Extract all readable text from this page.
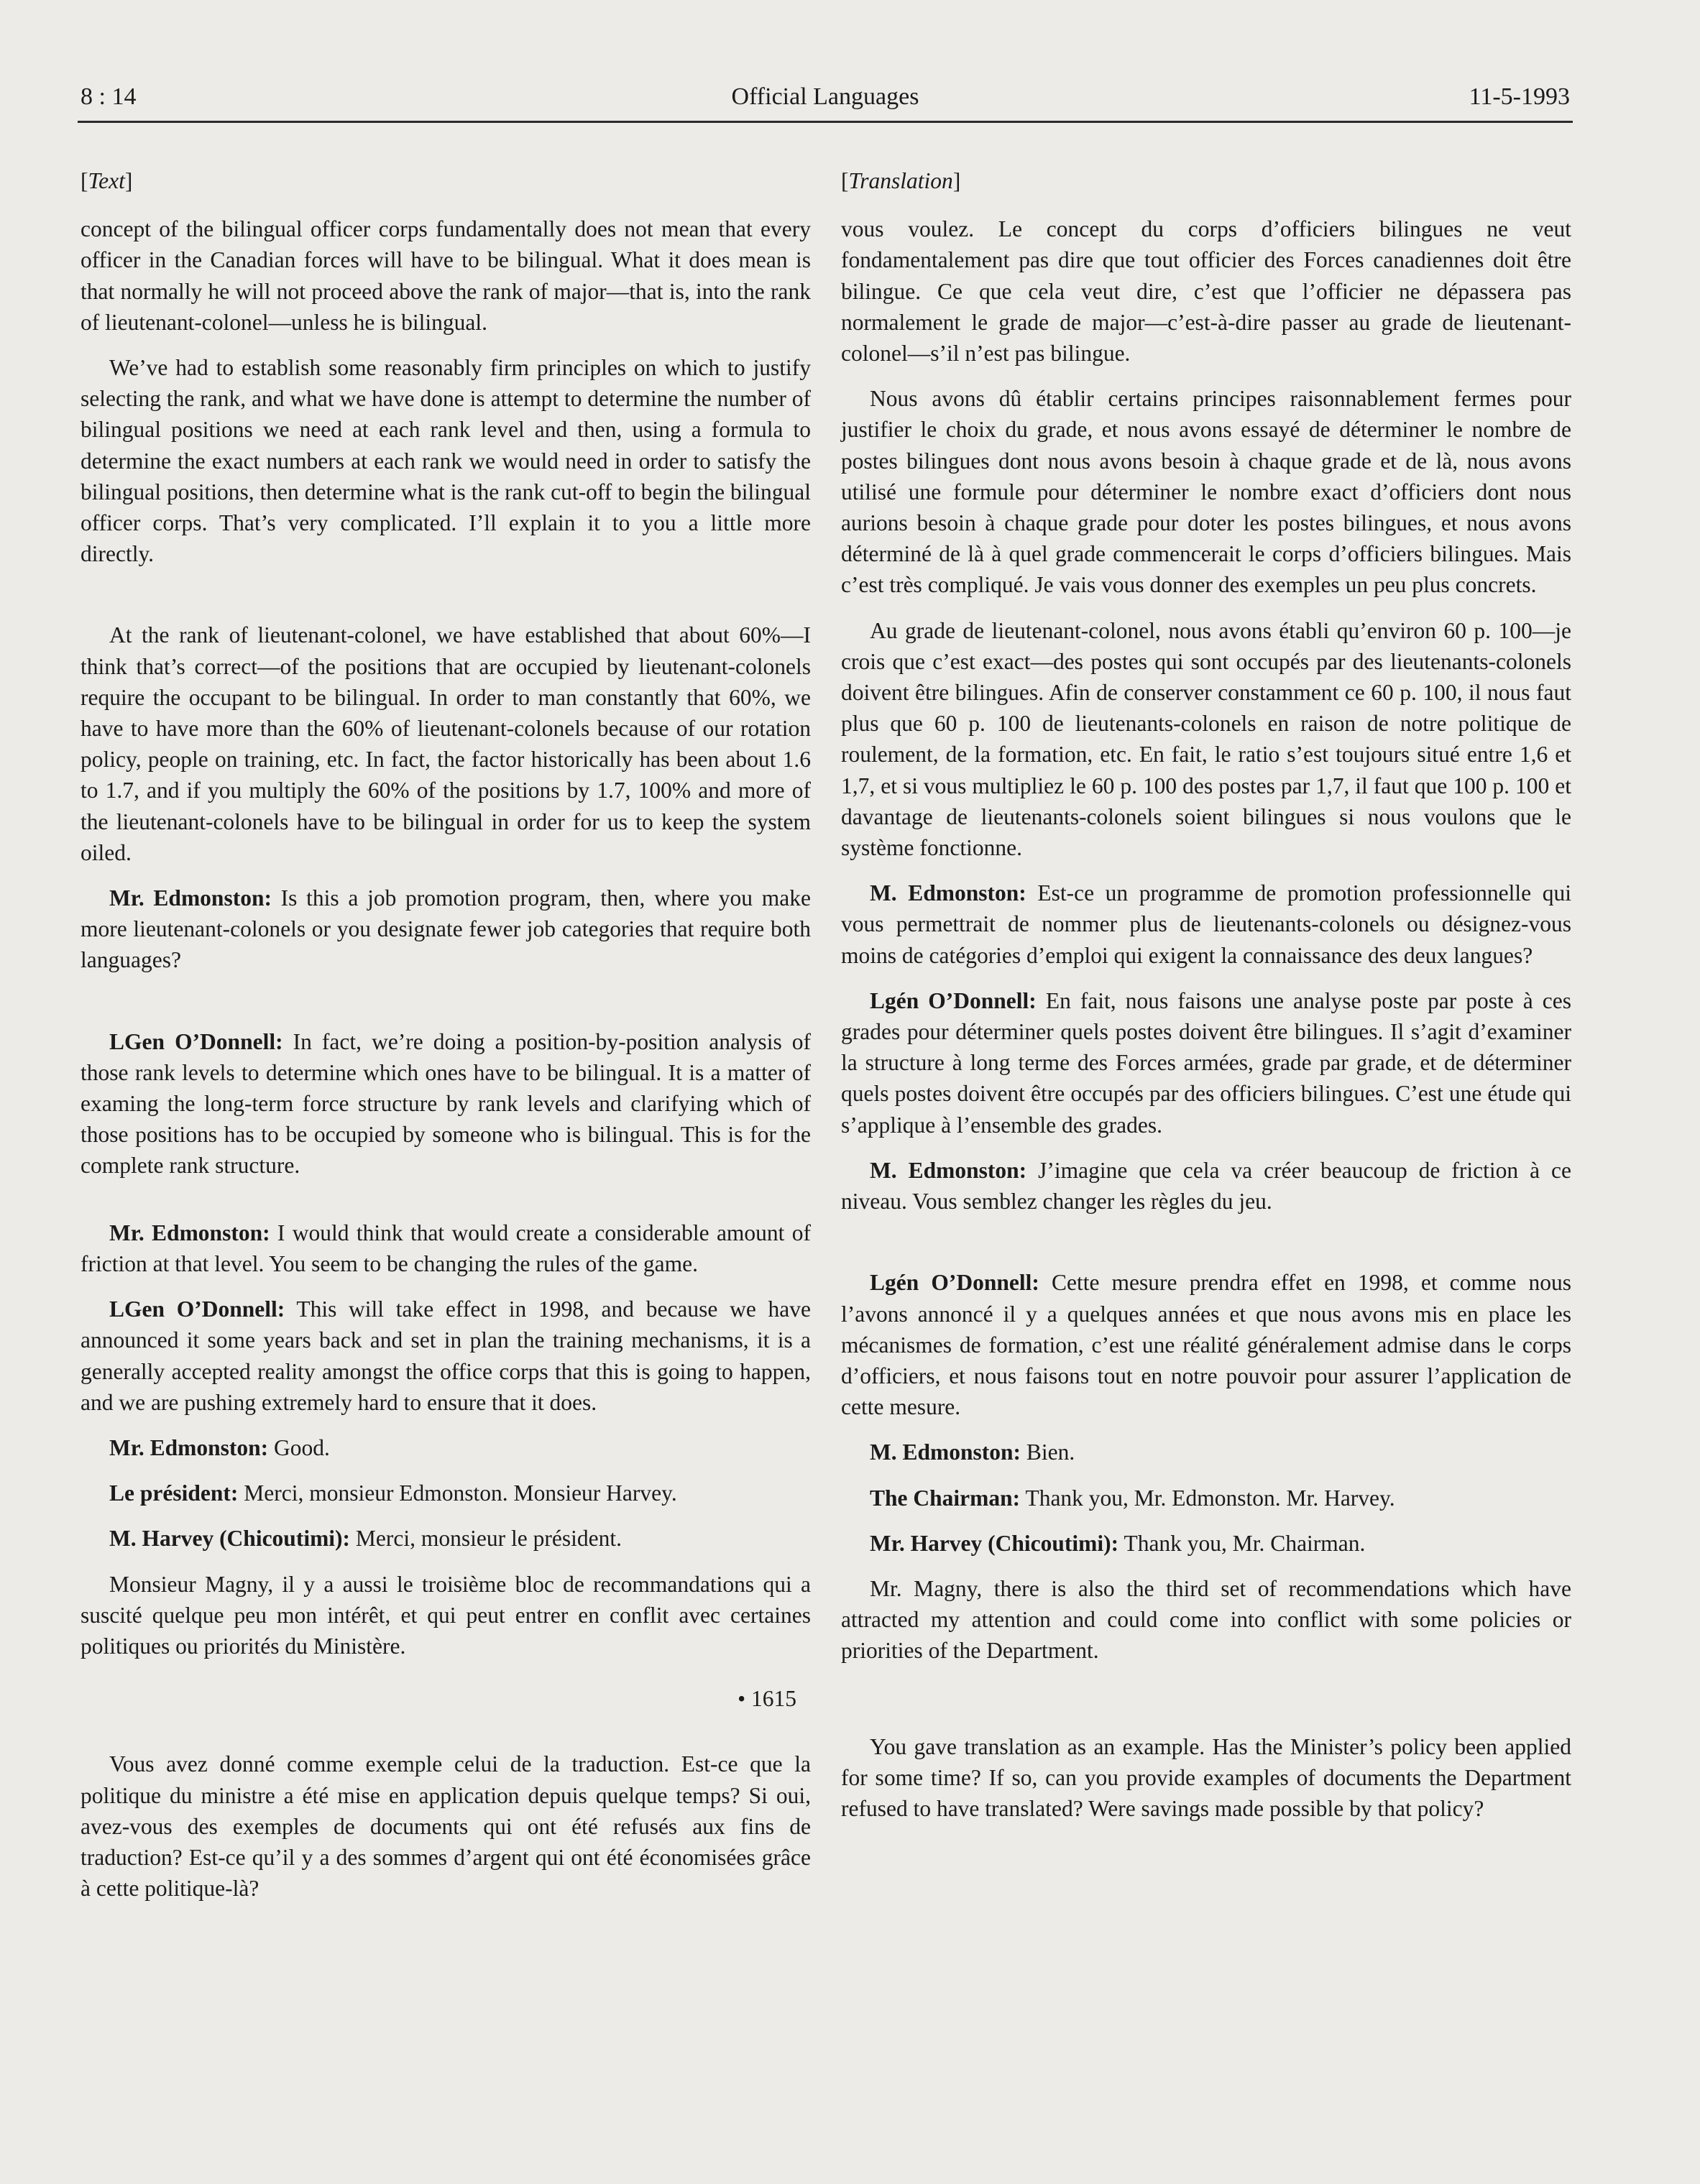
8 : 14	Official Languages	11-5-1993
[Text]

concept of the bilingual officer corps fundamentally does not mean that every officer in the Canadian forces will have to be bilingual. What it does mean is that normally he will not proceed above the rank of major—that is, into the rank of lieutenant-colonel—unless he is bilingual.

We’ve had to establish some reasonably firm principles on which to justify selecting the rank, and what we have done is attempt to determine the number of bilingual positions we need at each rank level and then, using a formula to determine the exact numbers at each rank we would need in order to satisfy the bilingual positions, then determine what is the rank cut-off to begin the bilingual officer corps. That’s very complicated. I’ll explain it to you a little more directly.

At the rank of lieutenant-colonel, we have established that about 60%—I think that’s correct—of the positions that are occupied by lieutenant-colonels require the occupant to be bilingual. In order to man constantly that 60%, we have to have more than the 60% of lieutenant-colonels because of our rotation policy, people on training, etc. In fact, the factor historically has been about 1.6 to 1.7, and if you multiply the 60% of the positions by 1.7, 100% and more of the lieutenant-colonels have to be bilingual in order for us to keep the system oiled.

Mr. Edmonston: Is this a job promotion program, then, where you make more lieutenant-colonels or you designate fewer job categories that require both languages?

LGen O’Donnell: In fact, we’re doing a position-by-position analysis of those rank levels to determine which ones have to be bilingual. It is a matter of examing the long-term force structure by rank levels and clarifying which of those positions has to be occupied by someone who is bilingual. This is for the complete rank structure.

Mr. Edmonston: I would think that would create a considerable amount of friction at that level. You seem to be changing the rules of the game.

LGen O’Donnell: This will take effect in 1998, and because we have announced it some years back and set in plan the training mechanisms, it is a generally accepted reality amongst the office corps that this is going to happen, and we are pushing extremely hard to ensure that it does.

Mr. Edmonston: Good.

Le président: Merci, monsieur Edmonston. Monsieur Harvey.

M. Harvey (Chicoutimi): Merci, monsieur le président.

Monsieur Magny, il y a aussi le troisième bloc de recommandations qui a suscité quelque peu mon intérêt, et qui peut entrer en conflit avec certaines politiques ou priorités du Ministère.

• 1615

Vous avez donné comme exemple celui de la traduction. Est-ce que la politique du ministre a été mise en application depuis quelque temps? Si oui, avez-vous des exemples de documents qui ont été refusés aux fins de traduction? Est-ce qu’il y a des sommes d’argent qui ont été économisées grâce à cette politique-là?

[Translation]

vous voulez. Le concept du corps d’officiers bilingues ne veut fondamentalement pas dire que tout officier des Forces canadiennes doit être bilingue. Ce que cela veut dire, c’est que l’officier ne dépassera pas normalement le grade de major—c’est-à-dire passer au grade de lieutenant-colonel—s’il n’est pas bilingue.

Nous avons dû établir certains principes raisonnablement fermes pour justifier le choix du grade, et nous avons essayé de déterminer le nombre de postes bilingues dont nous avons besoin à chaque grade et de là, nous avons utilisé une formule pour déterminer le nombre exact d’officiers dont nous aurions besoin à chaque grade pour doter les postes bilingues, et nous avons déterminé de là à quel grade commencerait le corps d’officiers bilingues. Mais c’est très compliqué. Je vais vous donner des exemples un peu plus concrets.

Au grade de lieutenant-colonel, nous avons établi qu’environ 60 p. 100—je crois que c’est exact—des postes qui sont occupés par des lieutenants-colonels doivent être bilingues. Afin de conserver constamment ce 60 p. 100, il nous faut plus que 60 p. 100 de lieutenants-colonels en raison de notre politique de roulement, de la formation, etc. En fait, le ratio s’est toujours situé entre 1,6 et 1,7, et si vous multipliez le 60 p. 100 des postes par 1,7, il faut que 100 p. 100 et davantage de lieutenants-colonels soient bilingues si nous voulons que le système fonctionne.

M. Edmonston: Est-ce un programme de promotion professionnelle qui vous permettrait de nommer plus de lieutenants-colonels ou désignez-vous moins de catégories d’emploi qui exigent la connaissance des deux langues?

Lgén O’Donnell: En fait, nous faisons une analyse poste par poste à ces grades pour déterminer quels postes doivent être bilingues. Il s’agit d’examiner la structure à long terme des Forces armées, grade par grade, et de déterminer quels postes doivent être occupés par des officiers bilingues. C’est une étude qui s’applique à l’ensemble des grades.

M. Edmonston: J’imagine que cela va créer beaucoup de friction à ce niveau. Vous semblez changer les règles du jeu.

Lgén O’Donnell: Cette mesure prendra effet en 1998, et comme nous l’avons annoncé il y a quelques années et que nous avons mis en place les mécanismes de formation, c’est une réalité généralement admise dans le corps d’officiers, et nous faisons tout en notre pouvoir pour assurer l’application de cette mesure.

M. Edmonston: Bien.

The Chairman: Thank you, Mr. Edmonston. Mr. Harvey.

Mr. Harvey (Chicoutimi): Thank you, Mr. Chairman.

Mr. Magny, there is also the third set of recommendations which have attracted my attention and could come into conflict with some policies or priorities of the Department.

You gave translation as an example. Has the Minister’s policy been applied for some time? If so, can you provide examples of documents the Department refused to have translated? Were savings made possible by that policy?
